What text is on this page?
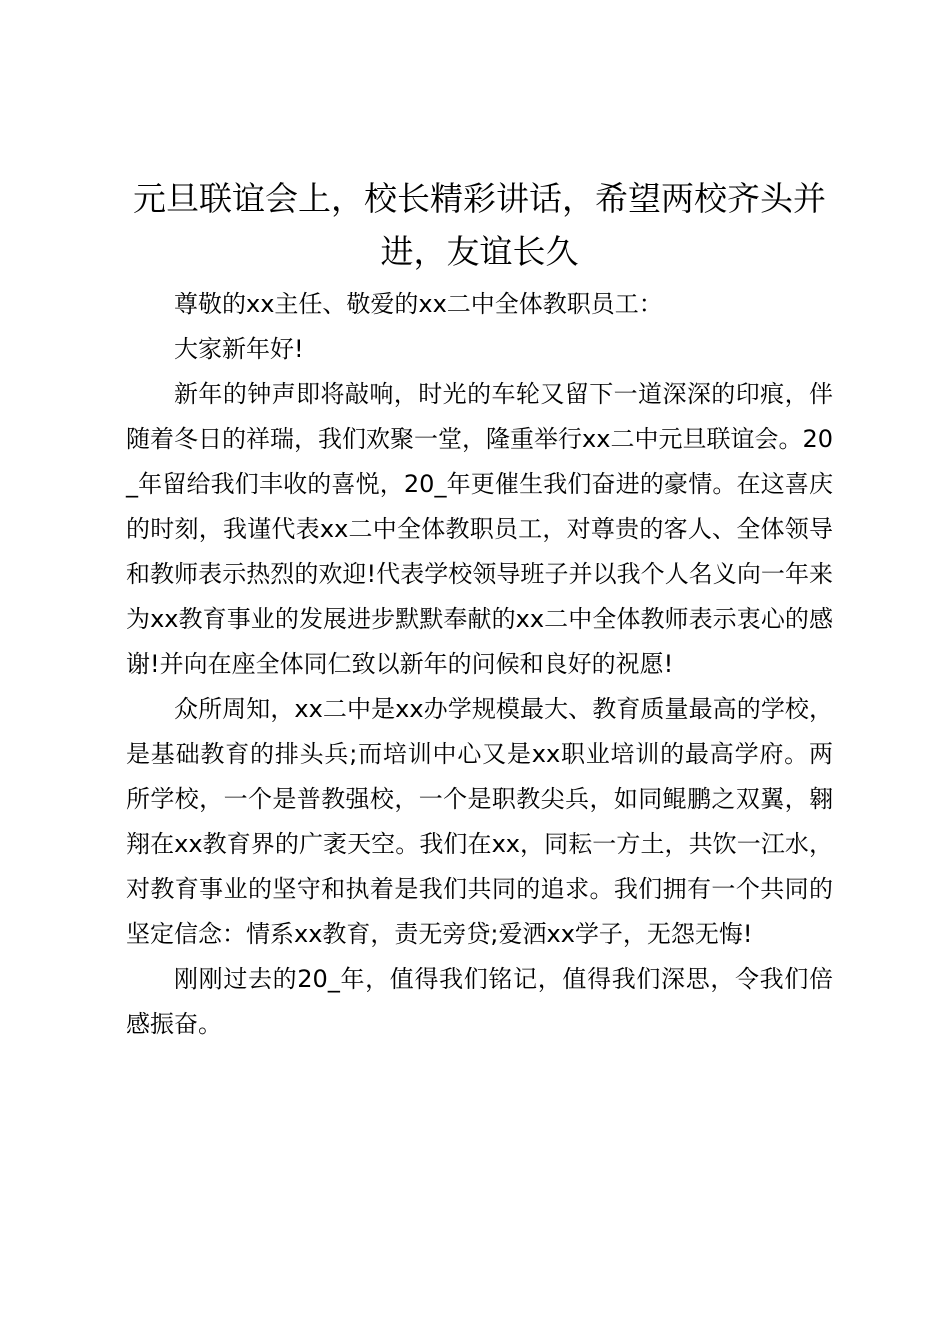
元旦联谊会上，校长精彩讲话，希望两校齐头并进，友谊长久

尊敬的xx主任、敬爱的xx二中全体教职员工：

大家新年好!

新年的钟声即将敲响，时光的车轮又留下一道深深的印痕，伴随着冬日的祥瑞，我们欢聚一堂，隆重举行xx二中元旦联谊会。20_年留给我们丰收的喜悦，20_年更催生我们奋进的豪情。在这喜庆的时刻，我谨代表xx二中全体教职员工，对尊贵的客人、全体领导和教师表示热烈的欢迎!代表学校领导班子并以我个人名义向一年来为xx教育事业的发展进步默默奉献的xx二中全体教师表示衷心的感谢!并向在座全体同仁致以新年的问候和良好的祝愿!

众所周知，xx二中是xx办学规模最大、教育质量最高的学校，是基础教育的排头兵;而培训中心又是xx职业培训的最高学府。两所学校，一个是普教强校，一个是职教尖兵，如同鲲鹏之双翼，翱翔在xx教育界的广袤天空。我们在xx，同耘一方土，共饮一江水，对教育事业的坚守和执着是我们共同的追求。我们拥有一个共同的坚定信念：情系xx教育，责无旁贷;爱洒xx学子，无怨无悔!

刚刚过去的20_年，值得我们铭记，值得我们深思，令我们倍感振奋。
